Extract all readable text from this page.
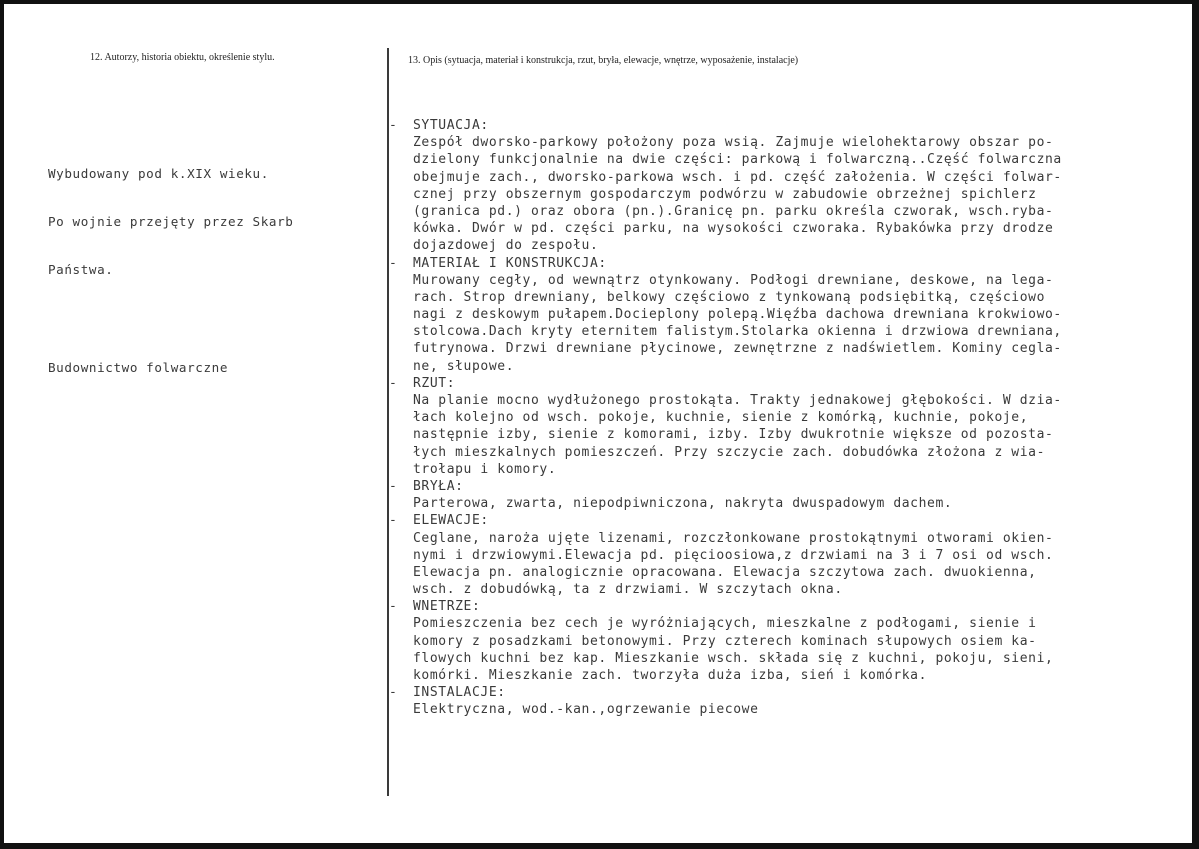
12. Autorzy, historia obiektu, określenie stylu.	13. Opis (sytuacja, materiał i konstrukcja, rzut, bryła, elewacje, wnętrze, wyposażenie, instalacje)

Wybudowany pod k.XIX wieku.

Po wojnie przejęty przez Skarb

Państwa.

Budownictwo folwarczne

- SYTUACJA:
Zespół dworsko-parkowy położony poza wsią. Zajmuje wielohektarowy obszar po-
dzielony funkcjonalnie na dwie części: parkową i folwarczną..Część folwarczna
obejmuje zach., dworsko-parkowa wsch. i pd. część założenia. W części folwar-
cznej przy obszernym gospodarczym podwórzu w zabudowie obrzeżnej spichlerz
(granica pd.) oraz obora (pn.).Granicę pn. parku określa czworak, wsch.ryba-
kówka. Dwór w pd. części parku, na wysokości czworaka. Rybakówka przy drodze
dojazdowej do zespołu.
- MATERIAŁ I KONSTRUKCJA:
Murowany cegły, od wewnątrz otynkowany. Podłogi drewniane, deskowe, na lega-
rach. Strop drewniany, belkowy częściowo z tynkowaną podsiębitką, częściowo
nagi z deskowym pułapem.Docieplony polepą.Więźba dachowa drewniana krokwiowo-
stolcowa.Dach kryty eternitem falistym.Stolarka okienna i drzwiowa drewniana,
futrynowa. Drzwi drewniane płycinowe, zewnętrzne z nadświetlem. Kominy cegla-
ne, słupowe.
- RZUT:
Na planie mocno wydłużonego prostokąta. Trakty jednakowej głębokości. W dzia-
łach kolejno od wsch. pokoje, kuchnie, sienie z komórką, kuchnie, pokoje,
następnie izby, sienie z komorami, izby. Izby dwukrotnie większe od pozosta-
łych mieszkalnych pomieszczeń. Przy szczycie zach. dobudówka złożona z wia-
trołapu i komory.
- BRYŁA:
Parterowa, zwarta, niepodpiwniczona, nakryta dwuspadowym dachem.
- ELEWACJE:
Ceglane, naroża ujęte lizenami, rozczłonkowane prostokątnymi otworami okien-
nymi i drzwiowymi.Elewacja pd. pięcioosiowa,z drzwiami na 3 i 7 osi od wsch.
Elewacja pn. analogicznie opracowana. Elewacja szczytowa zach. dwuokienna,
wsch. z dobudówką, ta z drzwiami. W szczytach okna.
- WNETRZE:
Pomieszczenia bez cech je wyróżniających, mieszkalne z podłogami, sienie i
komory z posadzkami betonowymi. Przy czterech kominach słupowych osiem ka-
flowych kuchni bez kap. Mieszkanie wsch. składa się z kuchni, pokoju, sieni,
komórki. Mieszkanie zach. tworzyła duża izba, sień i komórka.
- INSTALACJE:
Elektryczna, wod.-kan.,ogrzewanie piecowe
